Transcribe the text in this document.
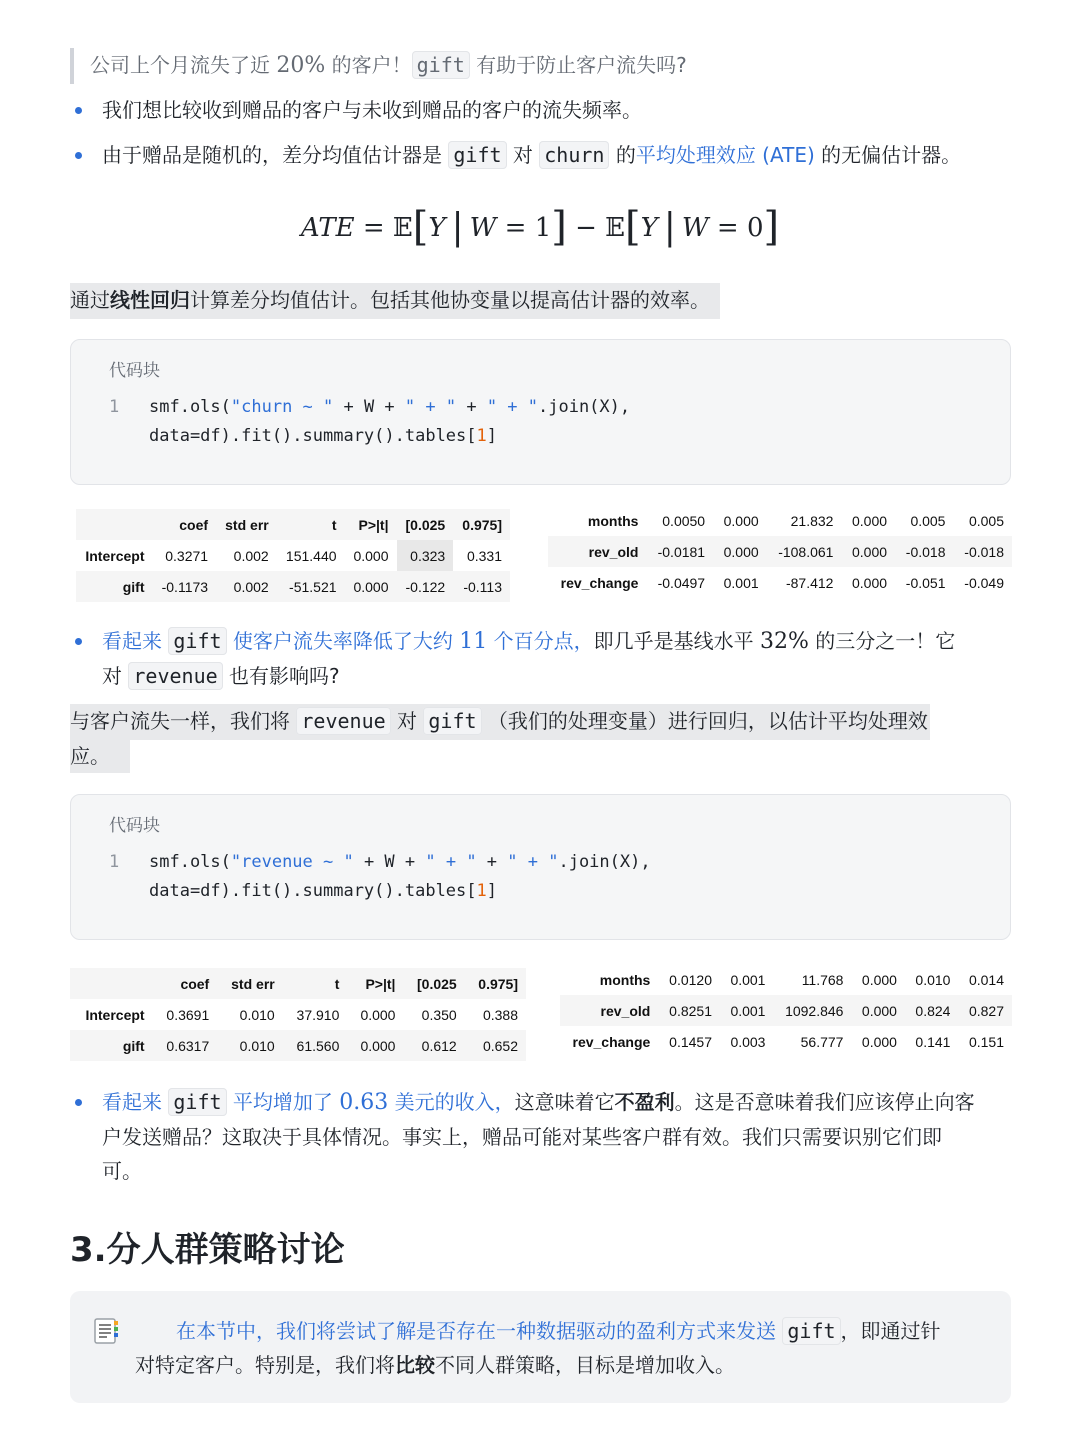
公司上个月流失了近 20% 的客户！ gift 有助于防止客户流失吗?
我们想比较收到赠品的客户与未收到赠品的客户的流失频率。
由于赠品是随机的，差分均值估计器是 gift 对 churn 的平均处理效应 (ATE) 的无偏估计器。
ATE = 𝔼[Y | W = 1] − 𝔼[Y | W = 0]
通过线性回归计算差分均值估计。包括其他协变量以提高估计器的效率。
代码块
1 smf.ols("churn ~ " + W + " + " + " + ".join(X),
data=df).fit().summary().tables[1]
	coef	std err	t	P>|t|	[0.025	0.975]
Intercept	0.3271	0.002	151.440	0.000	0.323	0.331
gift	-0.1173	0.002	-51.521	0.000	-0.122	-0.113
months	0.0050	0.000	21.832	0.000	0.005	0.005
rev_old	-0.0181	0.000	-108.061	0.000	-0.018	-0.018
rev_change	-0.0497	0.001	-87.412	0.000	-0.051	-0.049
看起来 gift 使客户流失率降低了大约 11 个百分点，即几乎是基线水平 32% 的三分之一！它
对 revenue 也有影响吗?
与客户流失一样，我们将 revenue 对 gift （我们的处理变量）进行回归，以估计平均处理效
应。
代码块
1 smf.ols("revenue ~ " + W + " + " + " + ".join(X),
data=df).fit().summary().tables[1]
	coef	std err	t	P>|t|	[0.025	0.975]
Intercept	0.3691	0.010	37.910	0.000	0.350	0.388
gift	0.6317	0.010	61.560	0.000	0.612	0.652
months	0.0120	0.001	11.768	0.000	0.010	0.014
rev_old	0.8251	0.001	1092.846	0.000	0.824	0.827
rev_change	0.1457	0.003	56.777	0.000	0.141	0.151
看起来 gift 平均增加了 0.63 美元的收入，这意味着它不盈利。这是否意味着我们应该停止向客
户发送赠品？这取决于具体情况。事实上，赠品可能对某些客户群有效。我们只需要识别它们即
可。
3.分人群策略讨论
在本节中，我们将尝试了解是否存在一种数据驱动的盈利方式来发送 gift ，即通过针
对特定客户。特别是，我们将比较不同人群策略，目标是增加收入。
